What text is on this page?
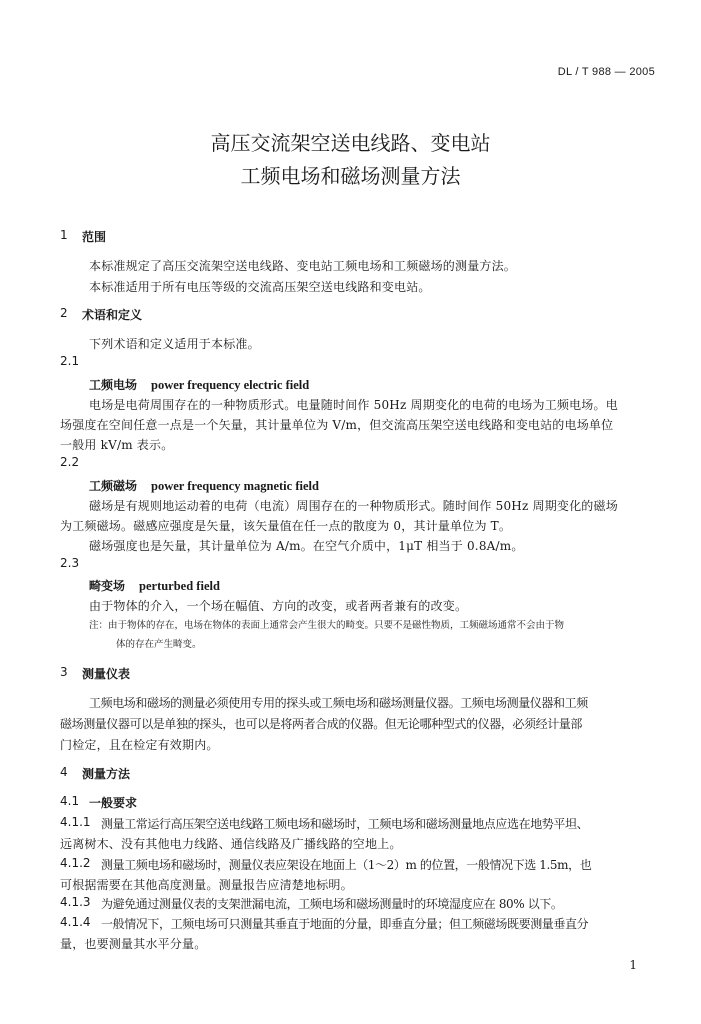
DL / T 988 — 2005
高压交流架空送电线路、变电站
工频电场和磁场测量方法
1 范围
本标准规定了高压交流架空送电线路、变电站工频电场和工频磁场的测量方法。
本标准适用于所有电压等级的交流高压架空送电线路和变电站。
2 术语和定义
下列术语和定义适用于本标准。
2.1
工频电场 power frequency electric field
电场是电荷周围存在的一种物质形式。电量随时间作 50Hz 周期变化的电荷的电场为工频电场。电
场强度在空间任意一点是一个矢量，其计量单位为 V/m，但交流高压架空送电线路和变电站的电场单位
一般用 kV/m 表示。
2.2
工频磁场 power frequency magnetic field
磁场是有规则地运动着的电荷（电流）周围存在的一种物质形式。随时间作 50Hz 周期变化的磁场
为工频磁场。磁感应强度是矢量，该矢量值在任一点的散度为 0，其计量单位为 T。
磁场强度也是矢量，其计量单位为 A/m。在空气介质中，1μT 相当于 0.8A/m。
2.3
畸变场 perturbed field
由于物体的介入，一个场在幅值、方向的改变，或者两者兼有的改变。
注：由于物体的存在，电场在物体的表面上通常会产生很大的畸变。只要不是磁性物质，工频磁场通常不会由于物
体的存在产生畸变。
3 测量仪表
工频电场和磁场的测量必须使用专用的探头或工频电场和磁场测量仪器。工频电场测量仪器和工频
磁场测量仪器可以是单独的探头，也可以是将两者合成的仪器。但无论哪种型式的仪器，必须经计量部
门检定，且在检定有效期内。
4 测量方法
4.1 一般要求
4.1.1 测量工常运行高压架空送电线路工频电场和磁场时，工频电场和磁场测量地点应选在地势平坦、
远离树木、没有其他电力线路、通信线路及广播线路的空地上。
4.1.2 测量工频电场和磁场时，测量仪表应架设在地面上（1～2）m 的位置，一般情况下选 1.5m，也
可根据需要在其他高度测量。测量报告应清楚地标明。
4.1.3 为避免通过测量仪表的支架泄漏电流，工频电场和磁场测量时的环境湿度应在 80% 以下。
4.1.4 一般情况下，工频电场可只测量其垂直于地面的分量，即垂直分量；但工频磁场既要测量垂直分
量，也要测量其水平分量。
1
